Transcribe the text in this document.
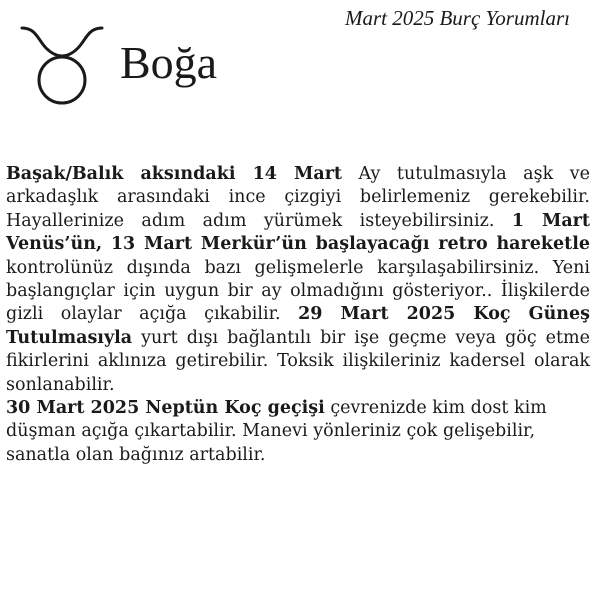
Mart 2025 Burç Yorumları
Boğa

Başak/Balık aksındaki 14 Mart Ay tutulmasıyla aşk ve arkadaşlık arasındaki ince çizgiyi belirlemeniz gerekebilir. Hayallerinize adım adım yürümek isteyebilirsiniz. 1 Mart Venüs’ün, 13 Mart Merkür’ün başlayacağı retro hareketle kontrolünüz dışında bazı gelişmelerle karşılaşabilirsiniz. Yeni başlangıçlar için uygun bir ay olmadığını gösteriyor.. İlişkilerde gizli olaylar açığa çıkabilir. 29 Mart 2025 Koç Güneş Tutulmasıyla yurt dışı bağlantılı bir işe geçme veya göç etme fikirlerini aklınıza getirebilir. Toksik ilişkileriniz kadersel olarak sonlanabilir.

30 Mart 2025 Neptün Koç geçişi çevrenizde kim dost kim düşman açığa çıkartabilir. Manevi yönleriniz çok gelişebilir, sanatla olan bağınız artabilir.
